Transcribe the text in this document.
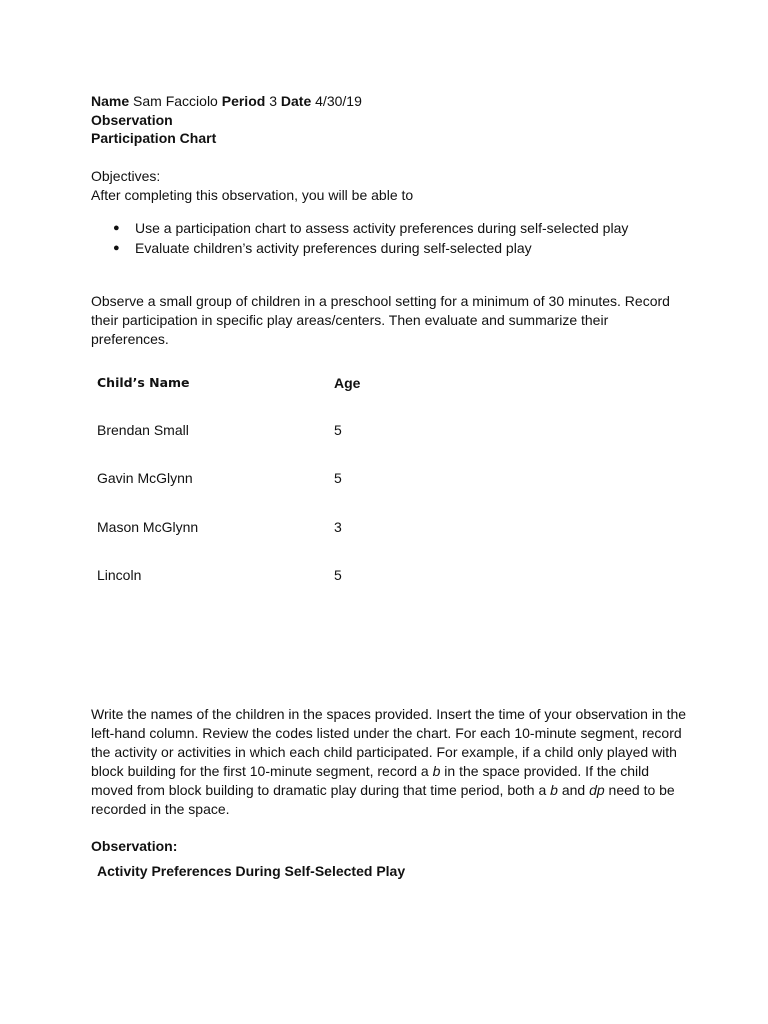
Name Sam Facciolo Period 3 Date 4/30/19
Observation
Participation Chart
Objectives:
After completing this observation, you will be able to
● Use a participation chart to assess activity preferences during self-selected play
● Evaluate children’s activity preferences during self-selected play
Observe a small group of children in a preschool setting for a minimum of 30 minutes. Record
their participation in specific play areas/centers. Then evaluate and summarize their
preferences.
Child’s Name	Age
Brendan Small	5
Gavin McGlynn	5
Mason McGlynn	3
Lincoln	5
Write the names of the children in the spaces provided. Insert the time of your observation in the
left-hand column. Review the codes listed under the chart. For each 10-minute segment, record
the activity or activities in which each child participated. For example, if a child only played with
block building for the first 10-minute segment, record a b in the space provided. If the child
moved from block building to dramatic play during that time period, both a b and dp need to be
recorded in the space.
Observation:
Activity Preferences During Self-Selected Play
